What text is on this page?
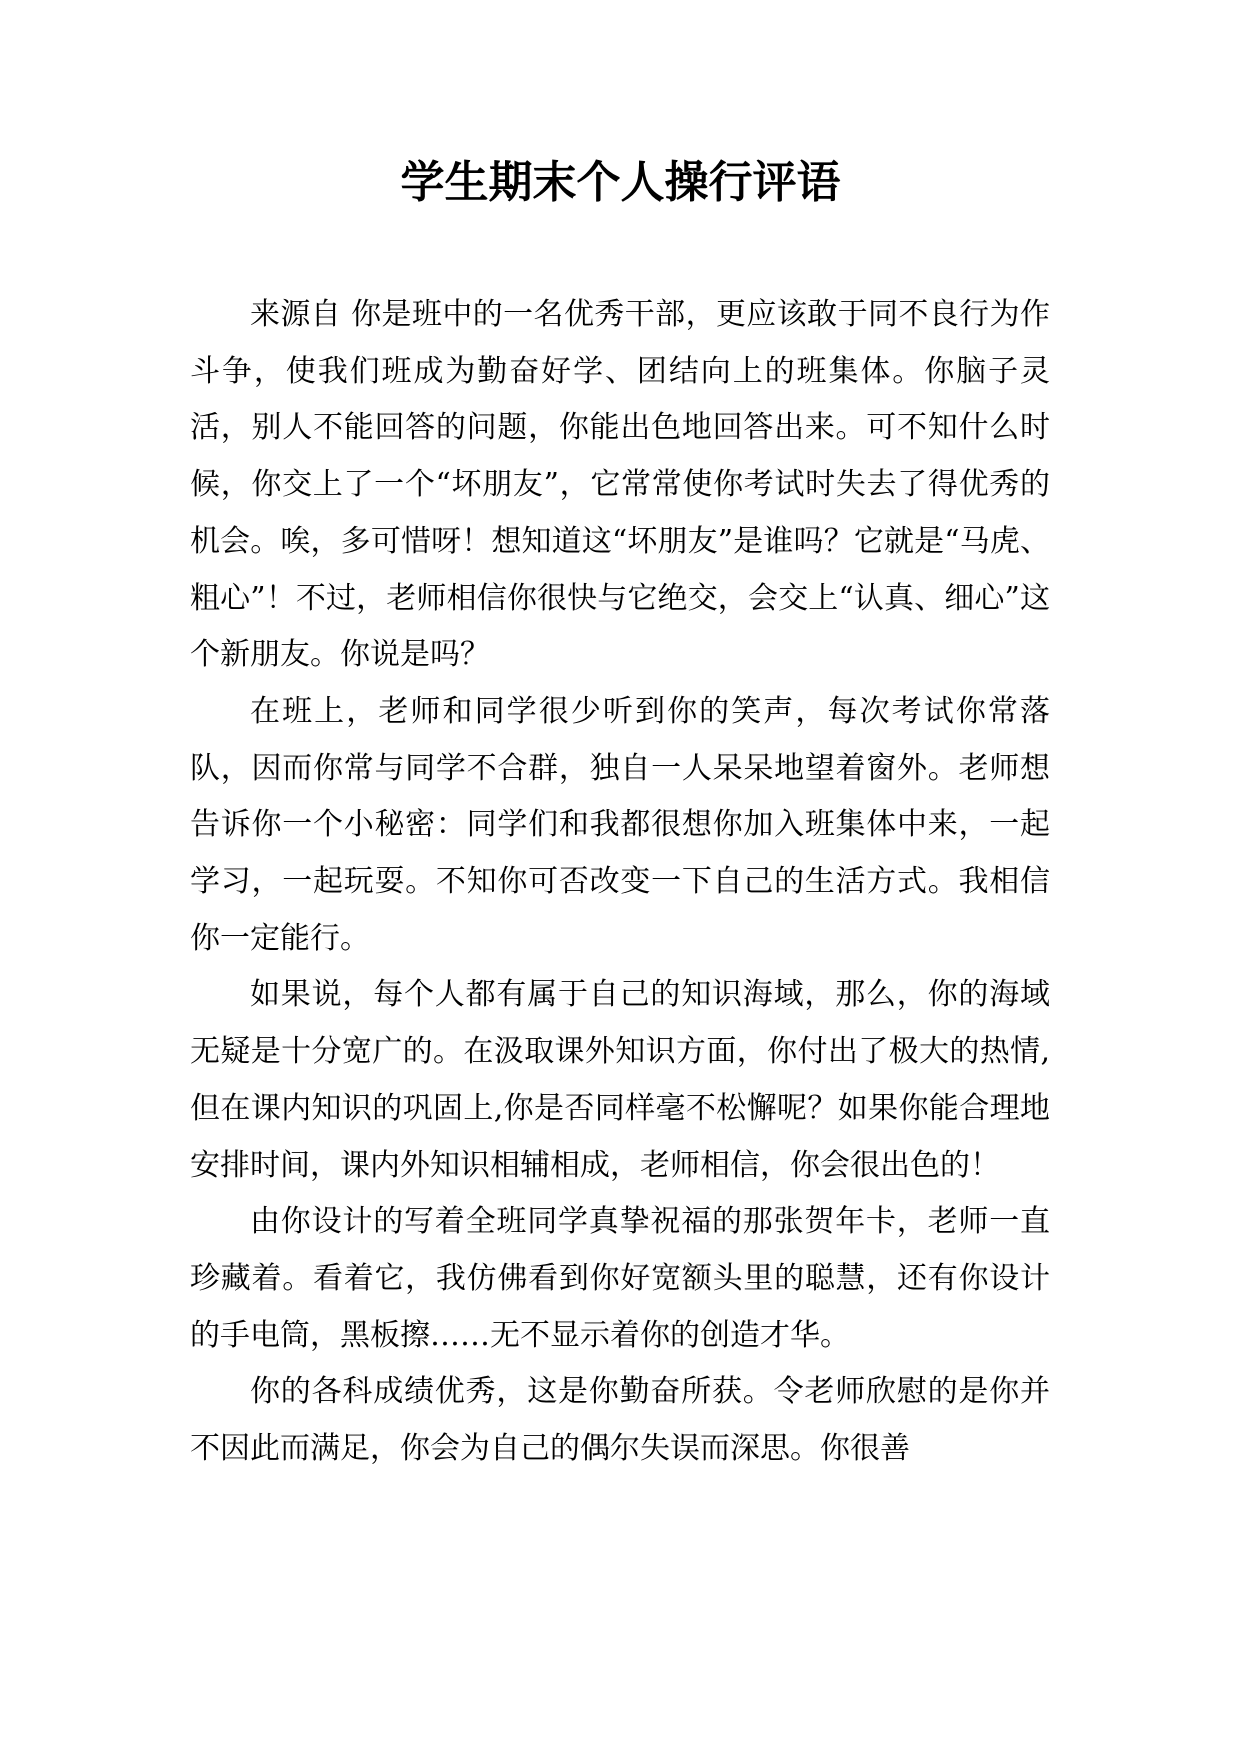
学生期末个人操行评语

来源自 你是班中的一名优秀干部，更应该敢于同不良行为作斗争，使我们班成为勤奋好学、团结向上的班集体。你脑子灵活，别人不能回答的问题，你能出色地回答出来。可不知什么时候，你交上了一个“坏朋友”，它常常使你考试时失去了得优秀的机会。唉，多可惜呀！想知道这“坏朋友”是谁吗？它就是“马虎、粗心”！不过，老师相信你很快与它绝交，会交上“认真、细心”这个新朋友。你说是吗？

在班上，老师和同学很少听到你的笑声，每次考试你常落队，因而你常与同学不合群，独自一人呆呆地望着窗外。老师想告诉你一个小秘密：同学们和我都很想你加入班集体中来，一起学习，一起玩耍。不知你可否改变一下自己的生活方式。我相信你一定能行。

如果说，每个人都有属于自己的知识海域，那么，你的海域无疑是十分宽广的。在汲取课外知识方面，你付出了极大的热情,但在课内知识的巩固上,你是否同样毫不松懈呢？如果你能合理地安排时间，课内外知识相辅相成，老师相信，你会很出色的！

由你设计的写着全班同学真挚祝福的那张贺年卡，老师一直珍藏着。看着它，我仿佛看到你好宽额头里的聪慧，还有你设计的手电筒，黑板擦……无不显示着你的创造才华。

你的各科成绩优秀，这是你勤奋所获。令老师欣慰的是你并不因此而满足，你会为自己的偶尔失误而深思。你很善
